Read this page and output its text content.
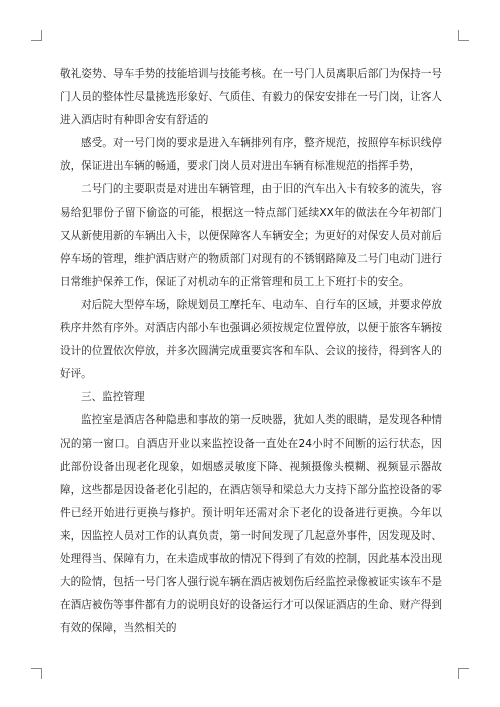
敬礼姿势、导车手势的技能培训与技能考核。在一号门人员离职后部门为保持一号门人员的整体性尽量挑选形象好、气质佳、有毅力的保安安排在一号门岗，让客人进入酒店时有种即舍安有舒适的

感受。对一号门岗的要求是进入车辆排列有序，整齐规范，按照停车标识线停放，保证进出车辆的畅通，要求门岗人员对进出车辆有标准规范的指挥手势，

二号门的主要职责是对进出车辆管理，由于旧的汽车出入卡有较多的流失，容易给犯罪份子留下偷盗的可能，根据这一特点部门延续XX年的做法在今年初部门又从新使用新的车辆出入卡，以便保障客人车辆安全；为更好的对保安人员对前后停车场的管理，维护酒店财产的物质部门对现有的不锈钢路障及二号门电动门进行日常维护保养工作，保证了对机动车的正常管理和员工上下班打卡的安全。

对后院大型停车场，除规划员工摩托车、电动车、自行车的区域，并要求停放秩序井然有序外。对酒店内部小车也强调必须按规定位置停放，以便于旅客车辆按设计的位置依次停放，并多次圆满完成重要宾客和车队、会议的接待，得到客人的好评。

三、监控管理

监控室是酒店各种隐患和事故的第一反映器，犹如人类的眼睛，是发现各种情况的第一窗口。自酒店开业以来监控设备一直处在24小时不间断的运行状态，因此部份设备出现老化现象，如烟感灵敏度下降、视频摄像头模糊、视频显示器故障，这些都是因设备老化引起的，在酒店领导和梁总大力支持下部分监控设备的零件已经开始进行更换与修护。预计明年还需对余下老化的设备进行更换。今年以来，因监控人员对工作的认真负责，第一时间发现了几起意外事件，因发现及时、处理得当、保障有力，在未造成事故的情况下得到了有效的控制，因此基本没出现大的险情，包括一号门客人强行说车辆在酒店被划伤后经监控录像被证实该车不是在酒店被伤等事件都有力的说明良好的设备运行才可以保证酒店的生命、财产得到有效的保障，当然相关的
